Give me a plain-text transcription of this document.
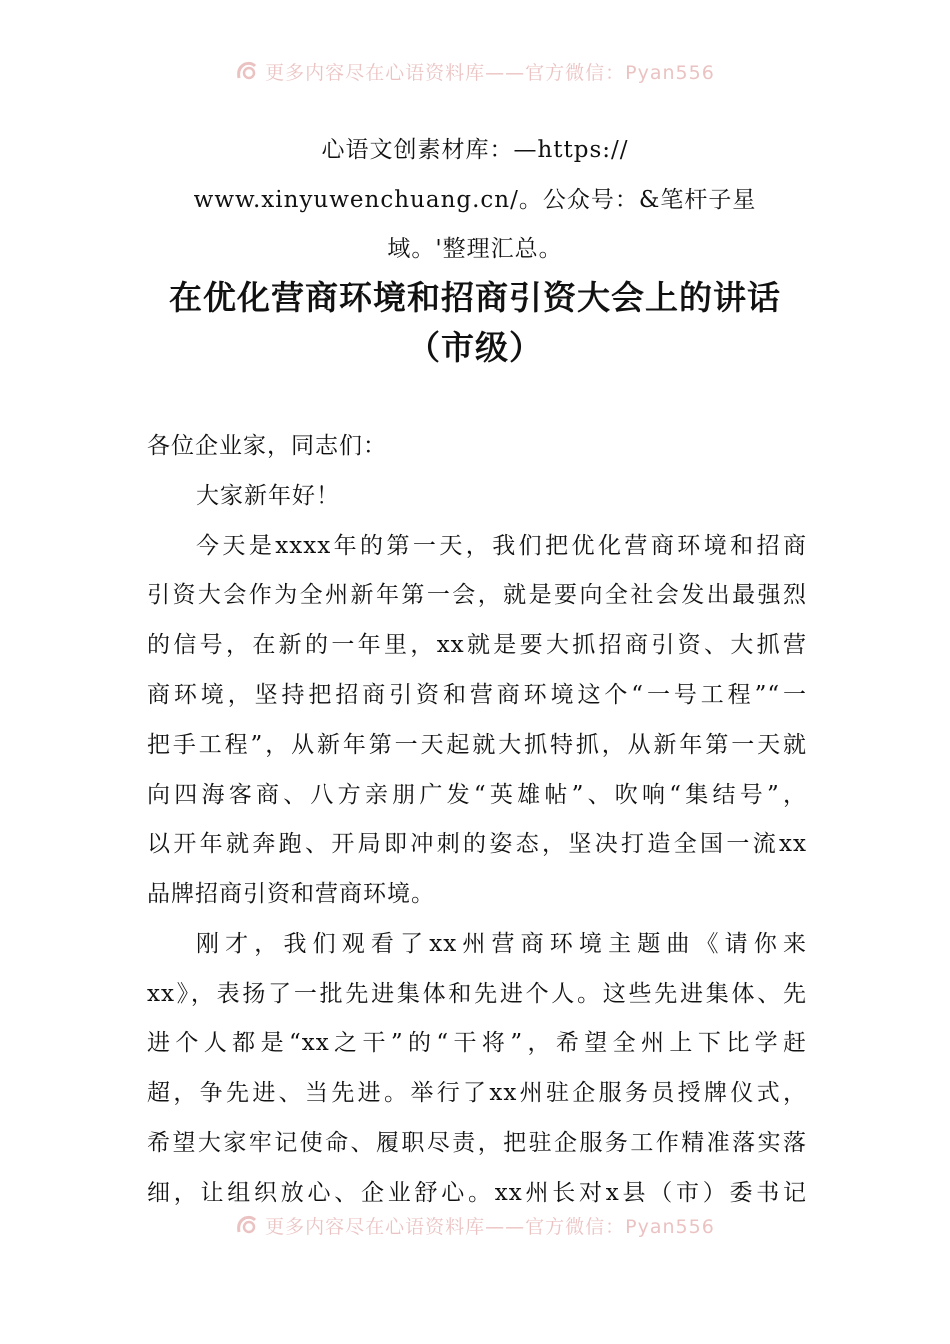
更多内容尽在心语资料库——官方微信：Pyan556
心语文创素材库：—https://
www.xinyuwenchuang.cn/。公众号：&笔杆子星
域。'整理汇总。
在优化营商环境和招商引资大会上的讲话
（市级）
各位企业家，同志们：
大家新年好！
今天是xxxx年的第一天，我们把优化营商环境和招商
引资大会作为全州新年第一会，就是要向全社会发出最强烈
的信号，在新的一年里，xx就是要大抓招商引资、大抓营
商环境，坚持把招商引资和营商环境这个“一号工程”“一
把手工程”，从新年第一天起就大抓特抓，从新年第一天就
向四海客商、八方亲朋广发“英雄帖”、吹响“集结号”，
以开年就奔跑、开局即冲刺的姿态，坚决打造全国一流xx
品牌招商引资和营商环境。
刚才，我们观看了xx州营商环境主题曲《请你来
xx》，表扬了一批先进集体和先进个人。这些先进集体、先
进个人都是“xx之干”的“干将”，希望全州上下比学赶
超，争先进、当先进。举行了xx州驻企服务员授牌仪式，
希望大家牢记使命、履职尽责，把驻企服务工作精准落实落
细，让组织放心、企业舒心。xx州长对x县（市）委书记
更多内容尽在心语资料库——官方微信：Pyan556
